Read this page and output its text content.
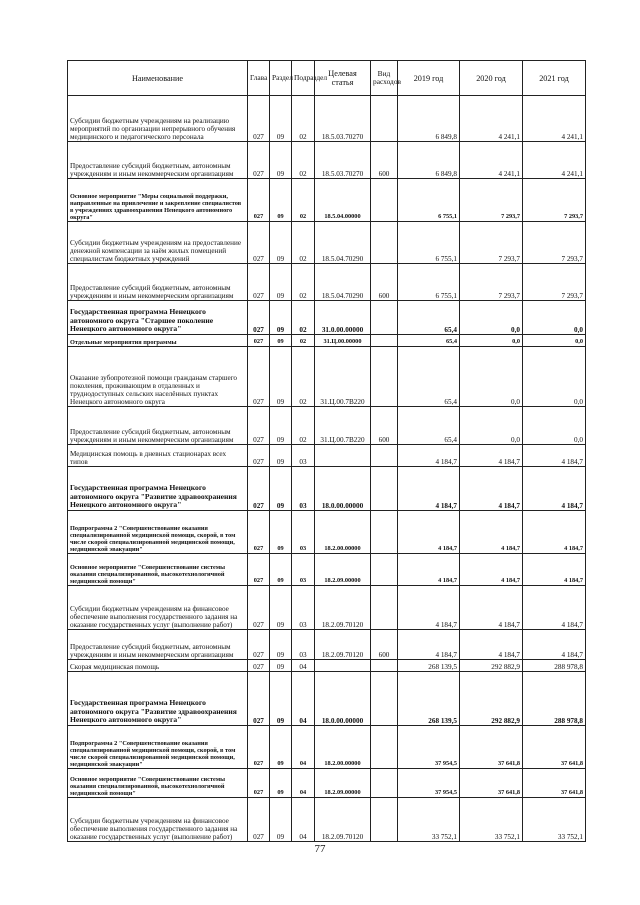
Наименование	Глава	Раздел	Подраздел	Целевая статья	Вид расходов	2019 год	2020 год	2021 год
Субсидии бюджетным учреждениям на реализацию мероприятий по организации непрерывного обучения медицинского и педагогического персонала	027	09	02	18.5.03.70270		6 849,8	4 241,1	4 241,1
Предоставление субсидий бюджетным, автономным учреждениям и иным некоммерческим организациям	027	09	02	18.5.03.70270	600	6 849,8	4 241,1	4 241,1
Основное мероприятие "Меры социальной поддержки, направленные на привлечение и закрепление специалистов в учреждениях здравоохранения Ненецкого автономного округа"	027	09	02	18.5.04.00000		6 755,1	7 293,7	7 293,7
Субсидии бюджетным учреждениям на предоставление денежной компенсации за наём жилых помещений специалистам бюджетных учреждений	027	09	02	18.5.04.70290		6 755,1	7 293,7	7 293,7
Предоставление субсидий бюджетным, автономным учреждениям и иным некоммерческим организациям	027	09	02	18.5.04.70290	600	6 755,1	7 293,7	7 293,7
Государственная программа Ненецкого автономного округа "Старшее поколение Ненецкого автономного округа"	027	09	02	31.0.00.00000		65,4	0,0	0,0
Отдельные мероприятия программы	027	09	02	31.Ц.00.00000		65,4	0,0	0,0
Оказание зубопротезной помощи гражданам старшего поколения, проживающим в отдаленных и труднодоступных сельских населённых пунктах Ненецкого автономного округа	027	09	02	31.Ц.00.7В220		65,4	0,0	0,0
Предоставление субсидий бюджетным, автономным учреждениям и иным некоммерческим организациям	027	09	02	31.Ц.00.7В220	600	65,4	0,0	0,0
Медицинская помощь в дневных стационарах всех типов	027	09	03			4 184,7	4 184,7	4 184,7
Государственная программа Ненецкого автономного округа "Развитие здравоохранения Ненецкого автономного округа"	027	09	03	18.0.00.00000		4 184,7	4 184,7	4 184,7
Подпрограмма 2 "Совершенствование оказания специализированной медицинской помощи, скорой, в том числе скорой специализированной медицинской помощи, медицинской эвакуации"	027	09	03	18.2.00.00000		4 184,7	4 184,7	4 184,7
Основное мероприятие "Совершенствование системы оказания специализированной, высокотехнологичной медицинской помощи"	027	09	03	18.2.09.00000		4 184,7	4 184,7	4 184,7
Субсидии бюджетным учреждениям на финансовое обеспечение выполнения государственного задания на оказание государственных услуг (выполнение работ)	027	09	03	18.2.09.70120		4 184,7	4 184,7	4 184,7
Предоставление субсидий бюджетным, автономным учреждениям и иным некоммерческим организациям	027	09	03	18.2.09.70120	600	4 184,7	4 184,7	4 184,7
Скорая медицинская помощь	027	09	04			268 139,5	292 882,9	288 978,8
Государственная программа Ненецкого автономного округа "Развитие здравоохранения Ненецкого автономного округа"	027	09	04	18.0.00.00000		268 139,5	292 882,9	288 978,8
Подпрограмма 2 "Совершенствование оказания специализированной медицинской помощи, скорой, в том числе скорой специализированной медицинской помощи, медицинской эвакуации"	027	09	04	18.2.00.00000		37 954,5	37 641,8	37 641,8
Основное мероприятие "Совершенствование системы оказания специализированной, высокотехнологичной медицинской помощи"	027	09	04	18.2.09.00000		37 954,5	37 641,8	37 641,8
Субсидии бюджетным учреждениям на финансовое обеспечение выполнения государственного задания на оказание государственных услуг (выполнение работ)	027	09	04	18.2.09.70120		33 752,1	33 752,1	33 752,1
77
